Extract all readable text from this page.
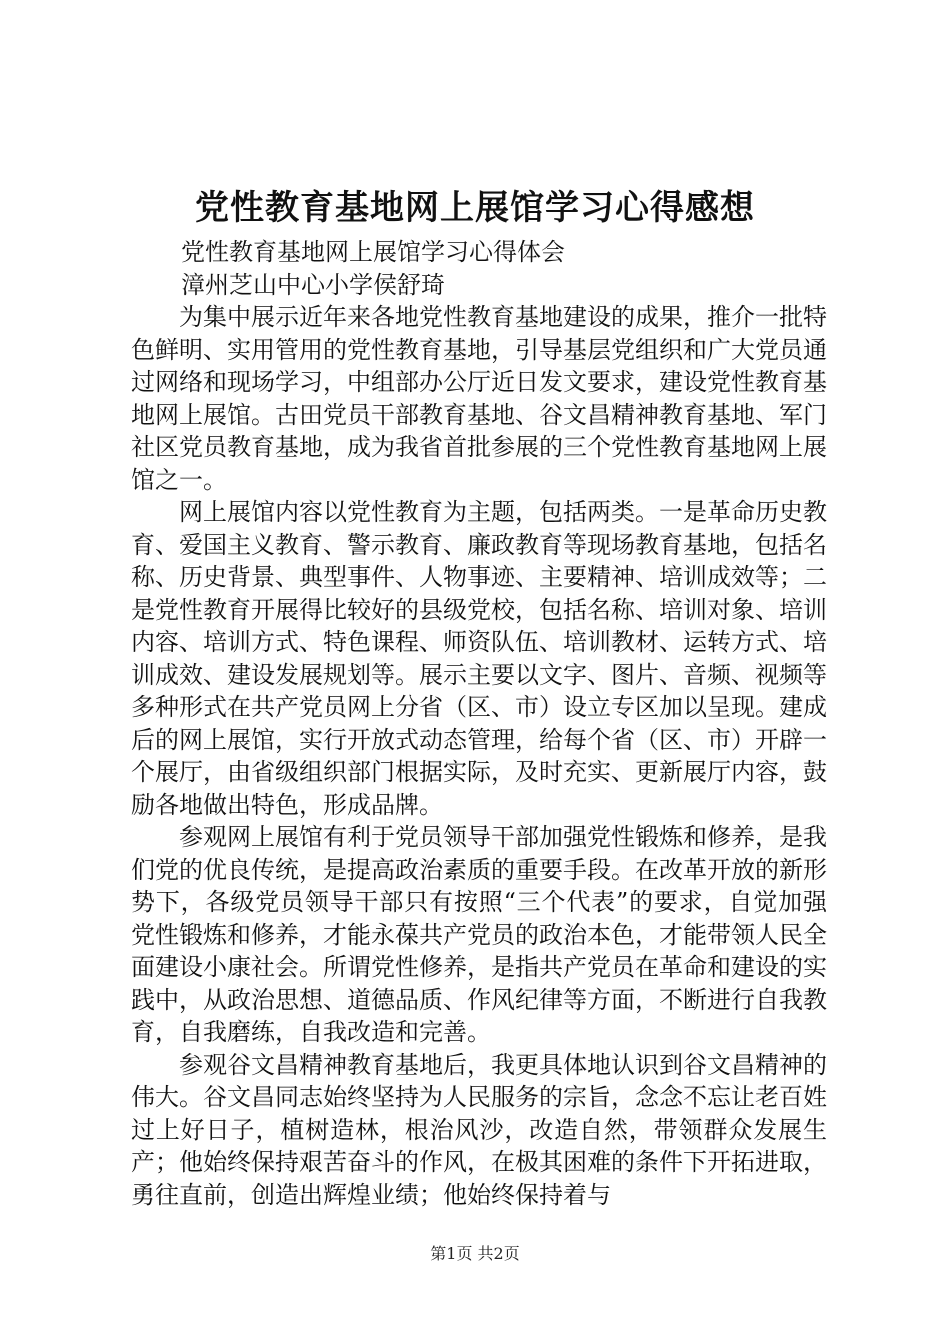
党性教育基地网上展馆学习心得感想

党性教育基地网上展馆学习心得体会

漳州芝山中心小学侯舒琦

为集中展示近年来各地党性教育基地建设的成果，推介一批特色鲜明、实用管用的党性教育基地，引导基层党组织和广大党员通过网络和现场学习，中组部办公厅近日发文要求，建设党性教育基地网上展馆。古田党员干部教育基地、谷文昌精神教育基地、军门社区党员教育基地，成为我省首批参展的三个党性教育基地网上展馆之一。

网上展馆内容以党性教育为主题，包括两类。一是革命历史教育、爱国主义教育、警示教育、廉政教育等现场教育基地，包括名称、历史背景、典型事件、人物事迹、主要精神、培训成效等；二是党性教育开展得比较好的县级党校，包括名称、培训对象、培训内容、培训方式、特色课程、师资队伍、培训教材、运转方式、培训成效、建设发展规划等。展示主要以文字、图片、音频、视频等多种形式在共产党员网上分省（区、市）设立专区加以呈现。建成后的网上展馆，实行开放式动态管理，给每个省（区、市）开辟一个展厅，由省级组织部门根据实际，及时充实、更新展厅内容，鼓励各地做出特色，形成品牌。

参观网上展馆有利于党员领导干部加强党性锻炼和修养，是我们党的优良传统，是提高政治素质的重要手段。在改革开放的新形势下，各级党员领导干部只有按照“三个代表”的要求，自觉加强党性锻炼和修养，才能永葆共产党员的政治本色，才能带领人民全面建设小康社会。所谓党性修养，是指共产党员在革命和建设的实践中，从政治思想、道德品质、作风纪律等方面，不断进行自我教育，自我磨练，自我改造和完善。

参观谷文昌精神教育基地后，我更具体地认识到谷文昌精神的伟大。谷文昌同志始终坚持为人民服务的宗旨，念念不忘让老百姓过上好日子，植树造林，根治风沙，改造自然，带领群众发展生产；他始终保持艰苦奋斗的作风，在极其困难的条件下开拓进取，勇往直前，创造出辉煌业绩；他始终保持着与

第1页 共2页
